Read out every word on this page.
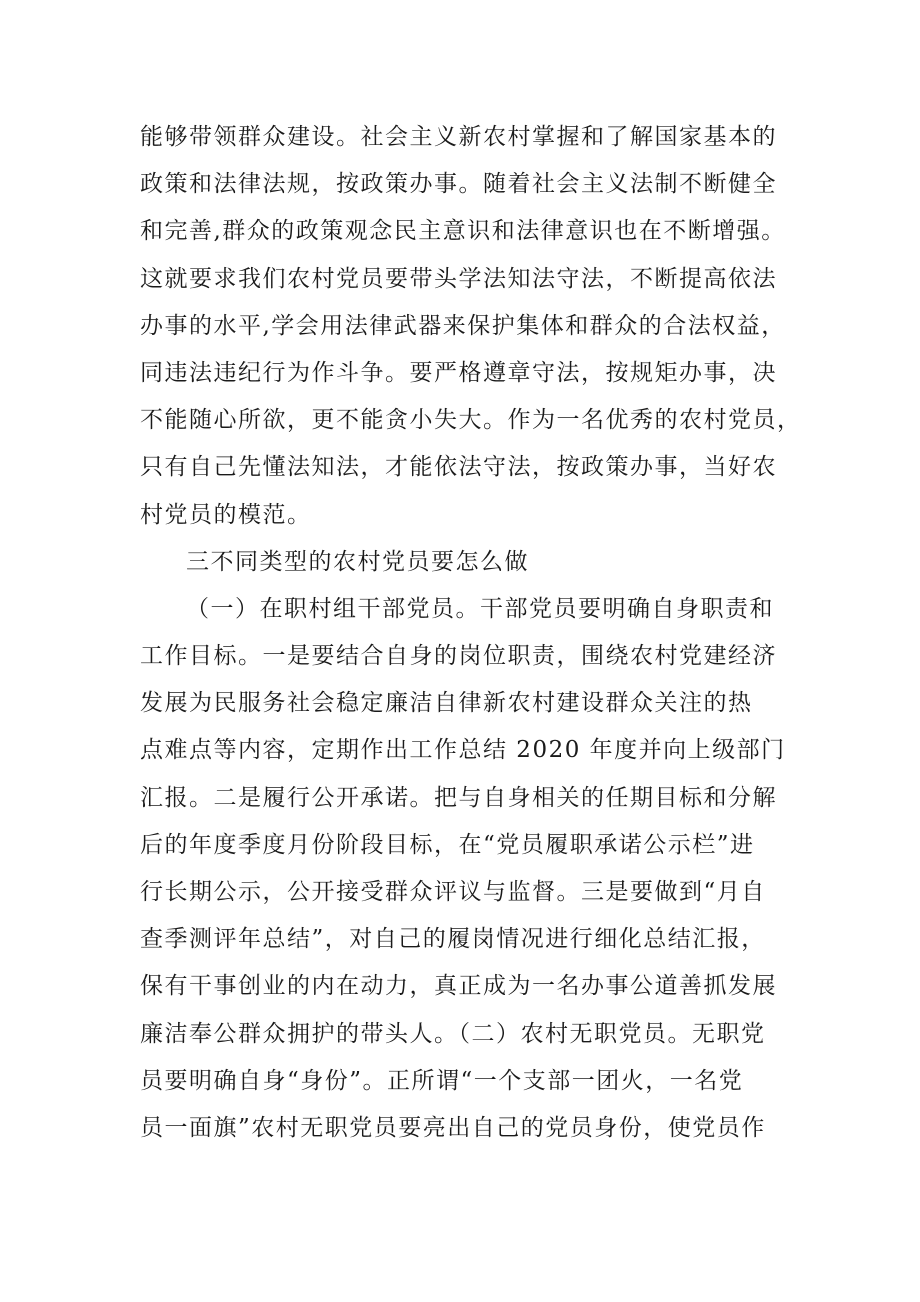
能够带领群众建设。社会主义新农村掌握和了解国家基本的
政策和法律法规，按政策办事。随着社会主义法制不断健全
和完善,群众的政策观念民主意识和法律意识也在不断增强。
这就要求我们农村党员要带头学法知法守法，不断提高依法
办事的水平,学会用法律武器来保护集体和群众的合法权益，
同违法违纪行为作斗争。要严格遵章守法，按规矩办事，决
不能随心所欲，更不能贪小失大。作为一名优秀的农村党员，
只有自己先懂法知法，才能依法守法，按政策办事，当好农
村党员的模范。
三不同类型的农村党员要怎么做
（一）在职村组干部党员。干部党员要明确自身职责和
工作目标。一是要结合自身的岗位职责，围绕农村党建经济
发展为民服务社会稳定廉洁自律新农村建设群众关注的热
点难点等内容，定期作出工作总结 2020 年度并向上级部门
汇报。二是履行公开承诺。把与自身相关的任期目标和分解
后的年度季度月份阶段目标，在“党员履职承诺公示栏”进
行长期公示，公开接受群众评议与监督。三是要做到“月自
查季测评年总结”，对自己的履岗情况进行细化总结汇报，
保有干事创业的内在动力，真正成为一名办事公道善抓发展
廉洁奉公群众拥护的带头人。（二）农村无职党员。无职党
员要明确自身“身份”。正所谓“一个支部一团火，一名党
员一面旗”农村无职党员要亮出自己的党员身份，使党员作
